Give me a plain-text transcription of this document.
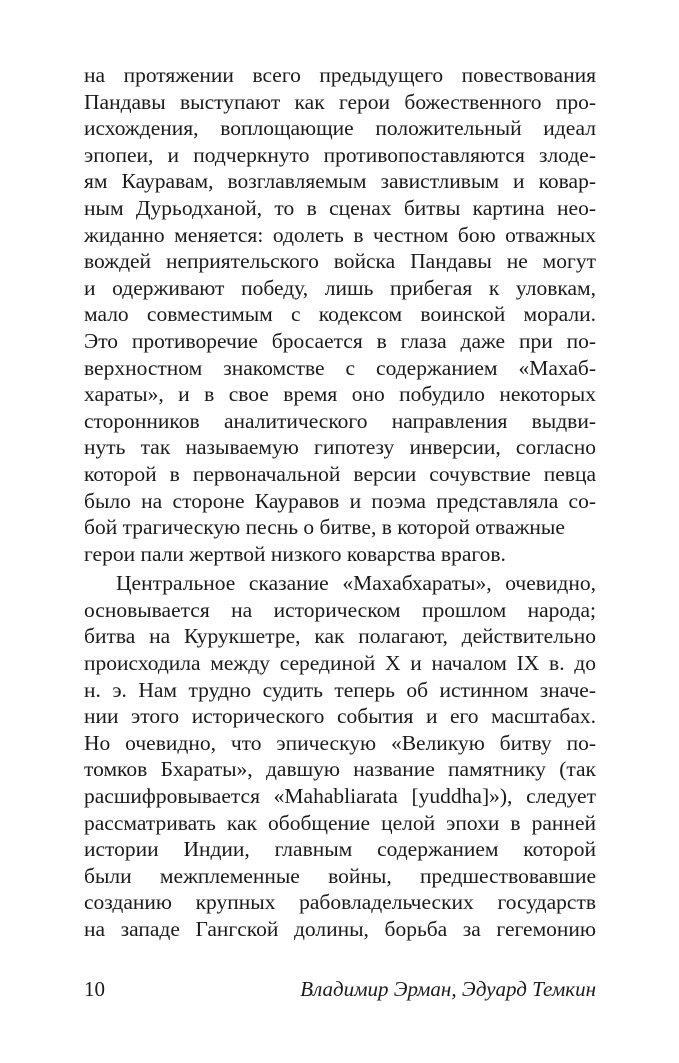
на протяжении всего предыдущего повествования
Пандавы выступают как герои божественного про-
исхождения, воплощающие положительный идеал
эпопеи, и подчеркнуто противопоставляются злоде-
ям Кауравам, возглавляемым завистливым и ковар-
ным Дурьодханой, то в сценах битвы картина нео-
жиданно меняется: одолеть в честном бою отважных
вождей неприятельского войска Пандавы не могут
и одерживают победу, лишь прибегая к уловкам,
мало совместимым с кодексом воинской морали.
Это противоречие бросается в глаза даже при по-
верхностном знакомстве с содержанием «Махаб-
хараты», и в свое время оно побудило некоторых
сторонников аналитического направления выдви-
нуть так называемую гипотезу инверсии, согласно
которой в первоначальной версии сочувствие певца
было на стороне Кауравов и поэма представляла со-
бой трагическую песнь о битве, в которой отважные
герои пали жертвой низкого коварства врагов.
Центральное сказание «Махабхараты», очевидно,
основывается на историческом прошлом народа;
битва на Курукшетре, как полагают, действительно
происходила между серединой X и началом IX в. до
н. э. Нам трудно судить теперь об истинном значе-
нии этого исторического события и его масштабах.
Но очевидно, что эпическую «Великую битву по-
томков Бхараты», давшую название памятнику (так
расшифровывается «Mahabliarata [yuddha]»), следует
рассматривать как обобщение целой эпохи в ранней
истории Индии, главным содержанием которой
были межплеменные войны, предшествовавшие
созданию крупных рабовладельческих государств
на западе Гангской долины, борьба за гегемонию
10	Владимир Эрман, Эдуард Темкин
